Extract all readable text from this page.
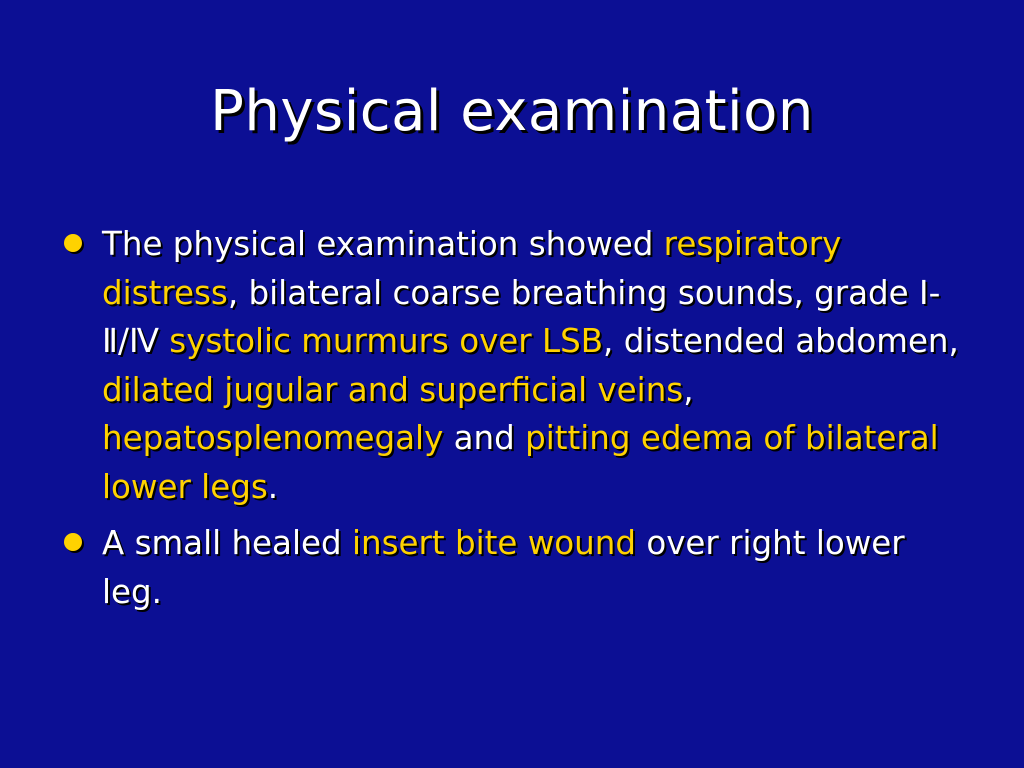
Physical examination
The physical examination showed respiratory distress, bilateral coarse breathing sounds, grade Ⅰ-Ⅱ/Ⅳ systolic murmurs over LSB, distended abdomen, dilated jugular and superficial veins, hepatosplenomegaly and pitting edema of bilateral lower legs.
A small healed insert bite wound over right lower leg.
